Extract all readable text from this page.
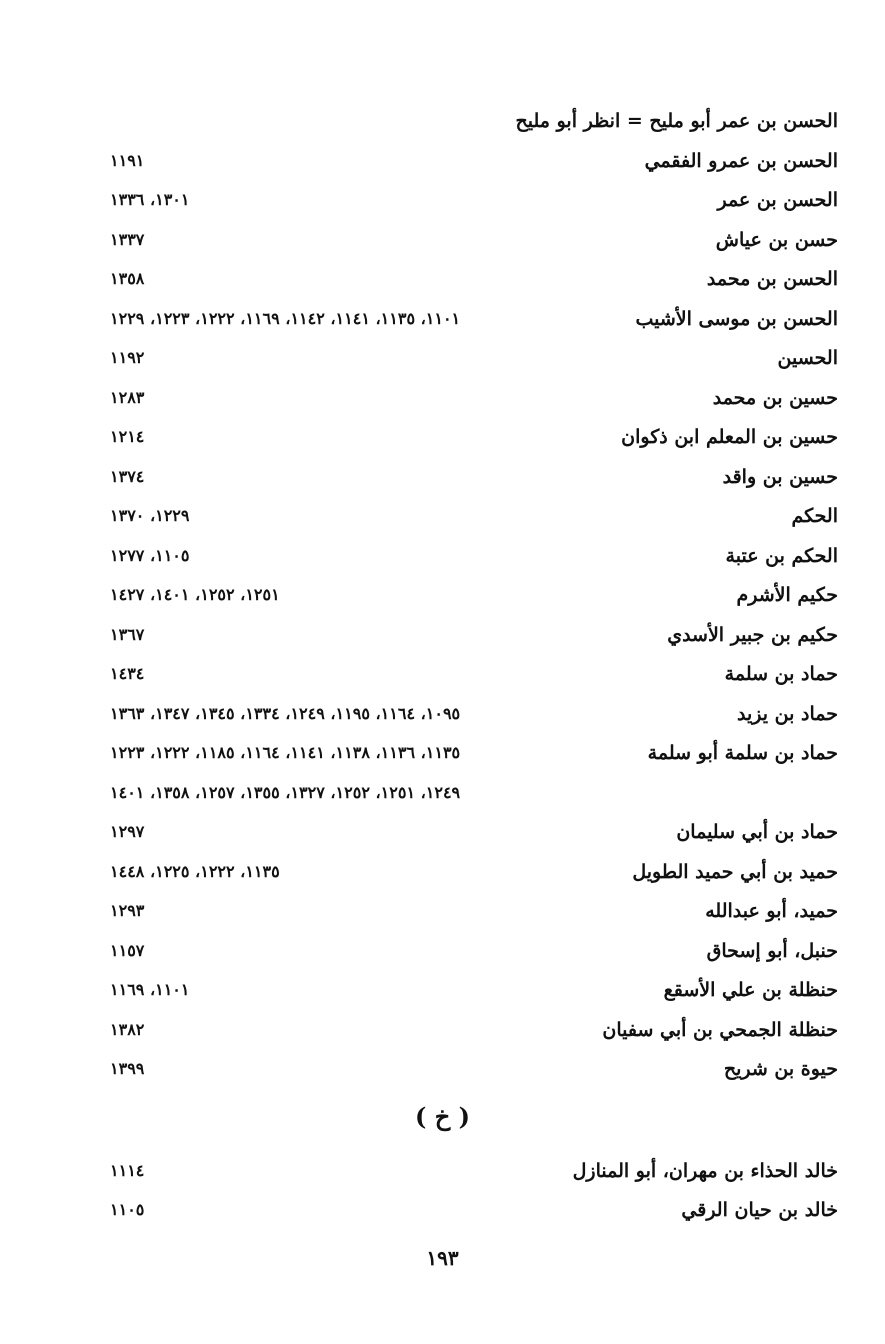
الحسن بن عمر أبو مليح = انظر أبو مليح
الحسن بن عمرو الفقمي
١١٩١
الحسن بن عمر
١٣٠١، ١٣٣٦
حسن بن عياش
١٣٣٧
الحسن بن محمد
١٣٥٨
الحسن بن موسى الأشيب
١١٠١، ١١٣٥، ١١٤١، ١١٤٢، ١١٦٩، ١٢٢٢، ١٢٢٣، ١٢٢٩
الحسين
١١٩٢
حسين بن محمد
١٢٨٣
حسين بن المعلم ابن ذكوان
١٢١٤
حسين بن واقد
١٣٧٤
الحكم
١٢٢٩، ١٣٧٠
الحكم بن عتبة
١١٠٥، ١٢٧٧
حكيم الأشرم
١٢٥١، ١٢٥٢، ١٤٠١، ١٤٢٧
حكيم بن جبير الأسدي
١٣٦٧
حماد بن سلمة
١٤٣٤
حماد بن يزيد
١٠٩٥، ١١٦٤، ١١٩٥، ١٢٤٩، ١٣٣٤، ١٣٤٥، ١٣٤٧، ١٣٦٣
حماد بن سلمة أبو سلمة
١١٣٥، ١١٣٦، ١١٣٨، ١١٤١، ١١٦٤، ١١٨٥، ١٢٢٢، ١٢٢٣
١٢٤٩، ١٢٥١، ١٢٥٢، ١٣٢٧، ١٣٥٥، ١٢٥٧، ١٣٥٨، ١٤٠١
حماد بن أبي سليمان
١٢٩٧
حميد بن أبي حميد الطويل
١١٣٥، ١٢٢٢، ١٢٢٥، ١٤٤٨
حميد، أبو عبدالله
١٢٩٣
حنبل، أبو إسحاق
١١٥٧
حنظلة بن علي الأسقع
١١٠١، ١١٦٩
حنظلة الجمحي بن أبي سفيان
١٣٨٢
حيوة بن شريح
١٣٩٩
( خ )
خالد الحذاء بن مهران، أبو المنازل
١١١٤
خالد بن حيان الرقي
١١٠٥
١٩٣
